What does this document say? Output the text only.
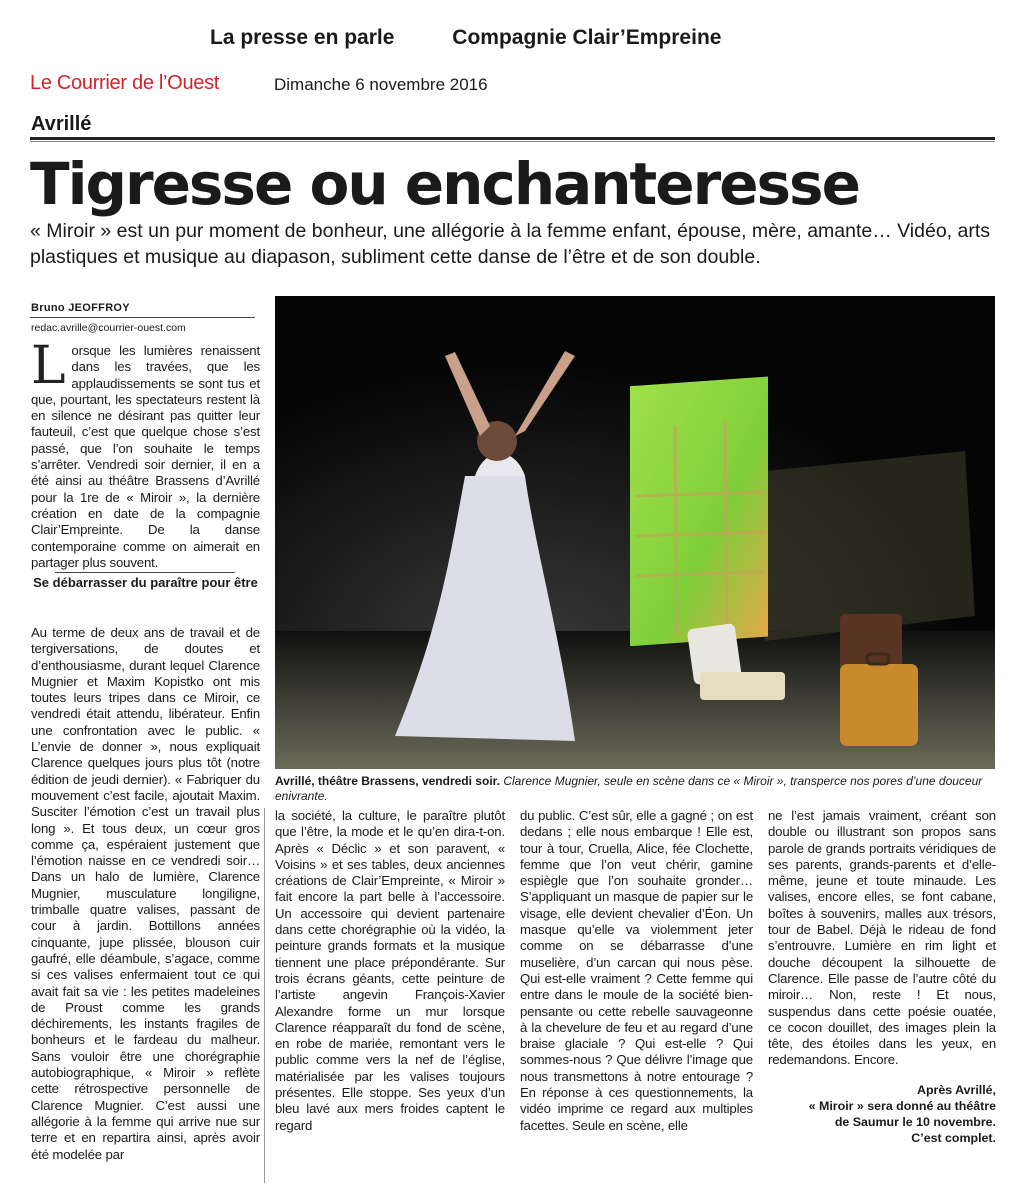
La presse en parle	Compagnie Clair’Empreine
Le Courrier de l’Ouest	Dimanche 6 novembre 2016
Avrillé
Tigresse ou enchanteresse
« Miroir » est un pur moment de bonheur, une allégorie à la femme enfant, épouse, mère, amante… Vidéo, arts plastiques et musique au diapason, subliment cette danse de l’être et de son double.
Bruno JEOFFROY
redac.avrille@courrier-ouest.com
L orsque les lumières renaissent dans les travées, que les applaudissements se sont tus et que, pourtant, les spectateurs restent là en silence ne désirant pas quitter leur fauteuil, c’est que quelque chose s’est passé, que l’on souhaite le temps s’arrêter. Vendredi soir dernier, il en a été ainsi au théâtre Brassens d’Avrillé pour la 1re de « Miroir », la dernière création en date de la compagnie Clair’Empreinte. De la danse contemporaine comme on aimerait en partager plus souvent.
Se débarrasser du paraître pour être
Au terme de deux ans de travail et de tergiversations, de doutes et d’enthousiasme, durant lequel Clarence Mugnier et Maxim Kopistko ont mis toutes leurs tripes dans ce Miroir, ce vendredi était attendu, libérateur. Enfin une confrontation avec le public. « L’envie de donner », nous expliquait Clarence quelques jours plus tôt (notre édition de jeudi dernier). « Fabriquer du mouvement c’est facile, ajoutait Maxim. Susciter l’émotion c’est un travail plus long ». Et tous deux, un cœur gros comme ça, espéraient justement que l’émotion naisse en ce vendredi soir… Dans un halo de lumière, Clarence Mugnier, musculature longiligne, trimballe quatre valises, passant de cour à jardin. Bottillons années cinquante, jupe plissée, blouson cuir gaufré, elle déambule, s’agace, comme si ces valises enfermaient tout ce qui avait fait sa vie : les petites madeleines de Proust comme les grands déchirements, les instants fragiles de bonheurs et le fardeau du malheur. Sans vouloir être une chorégraphie autobiographique, « Miroir » reflète cette rétrospective personnelle de Clarence Mugnier. C’est aussi une allégorie à la femme qui arrive nue sur terre et en repartira ainsi, après avoir été modelée par
Avrillé, théâtre Brassens, vendredi soir. Clarence Mugnier, seule en scène dans ce « Miroir », transperce nos pores d’une douceur enivrante.
la société, la culture, le paraître plutôt que l’être, la mode et le qu’en dira-t-on. Après « Déclic » et son paravent, « Voisins » et ses tables, deux anciennes créations de Clair’Empreinte, « Miroir » fait encore la part belle à l’accessoire. Un accessoire qui devient partenaire dans cette chorégraphie où la vidéo, la peinture grands formats et la musique tiennent une place prépondérante. Sur trois écrans géants, cette peinture de l’artiste angevin François-Xavier Alexandre forme un mur lorsque Clarence réapparaît du fond de scène, en robe de mariée, remontant vers le public comme vers la nef de l’église, matérialisée par les valises toujours présentes. Elle stoppe. Ses yeux d’un bleu lavé aux mers froides captent le regard
du public. C’est sûr, elle a gagné ; on est dedans ; elle nous embarque ! Elle est, tour à tour, Cruella, Alice, fée Clochette, femme que l’on veut chérir, gamine espiègle que l’on souhaite gronder… S’appliquant un masque de papier sur le visage, elle devient chevalier d’Éon. Un masque qu’elle va violemment jeter comme on se débarrasse d’une muselière, d’un carcan qui nous pèse. Qui est-elle vraiment ? Cette femme qui entre dans le moule de la société bien-pensante ou cette rebelle sauvageonne à la chevelure de feu et au regard d’une braise glaciale ? Qui est-elle ? Qui sommes-nous ? Que délivre l’image que nous transmettons à notre entourage ? En réponse à ces questionnements, la vidéo imprime ce regard aux multiples facettes. Seule en scène, elle
ne l’est jamais vraiment, créant son double ou illustrant son propos sans parole de grands portraits véridiques de ses parents, grands-parents et d’elle-même, jeune et toute minaude. Les valises, encore elles, se font cabane, boîtes à souvenirs, malles aux trésors, tour de Babel. Déjà le rideau de fond s’entrouvre. Lumière en rim light et douche découpent la silhouette de Clarence. Elle passe de l’autre côté du miroir… Non, reste ! Et nous, suspendus dans cette poésie ouatée, ce cocon douillet, des images plein la tête, des étoiles dans les yeux, en redemandons. Encore.
Après Avrillé,
« Miroir » sera donné au théâtre
de Saumur le 10 novembre.
C’est complet.
